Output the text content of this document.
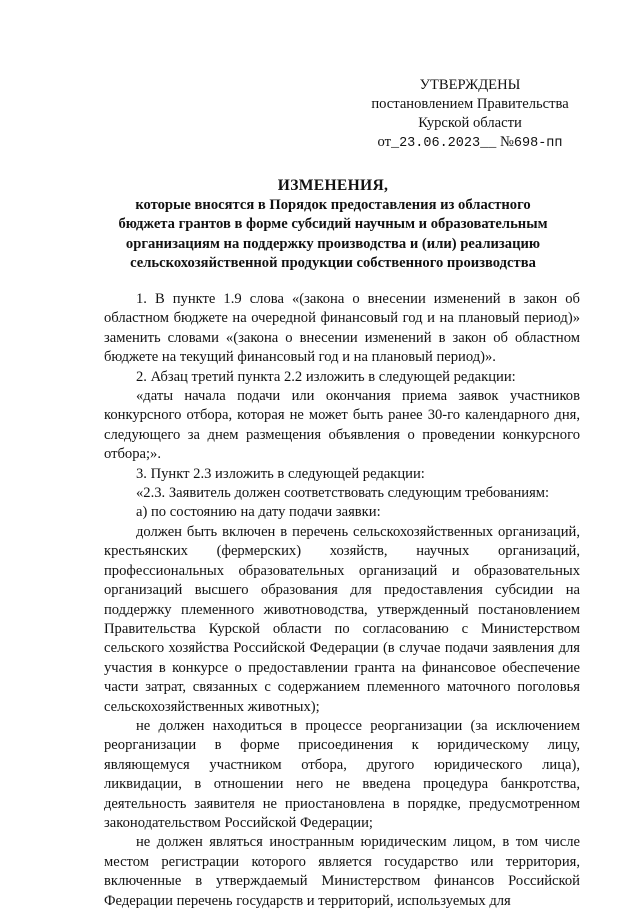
УТВЕРЖДЕНЫ
постановлением Правительства
Курской области
от_23.06.2023__ №698-пп
ИЗМЕНЕНИЯ,
которые вносятся в Порядок предоставления из областного
бюджета грантов в форме субсидий научным и образовательным
организациям на поддержку производства и (или) реализацию
сельскохозяйственной продукции собственного производства

1. В пункте 1.9 слова «(закона о внесении изменений в закон об областном бюджете на очередной финансовый год и на плановый период)» заменить словами «(закона о внесении изменений в закон об областном бюджете на текущий финансовый год и на плановый период)».

2. Абзац третий пункта 2.2 изложить в следующей редакции:

«даты начала подачи или окончания приема заявок участников конкурсного отбора, которая не может быть ранее 30-го календарного дня, следующего за днем размещения объявления о проведении конкурсного отбора;».

3. Пункт 2.3 изложить в следующей редакции:

«2.3. Заявитель должен соответствовать следующим требованиям:

а) по состоянию на дату подачи заявки:

должен быть включен в перечень сельскохозяйственных организаций, крестьянских (фермерских) хозяйств, научных организаций, профессиональных образовательных организаций и образовательных организаций высшего образования для предоставления субсидии на поддержку племенного животноводства, утвержденный постановлением Правительства Курской области по согласованию с Министерством сельского хозяйства Российской Федерации (в случае подачи заявления для участия в конкурсе о предоставлении гранта на финансовое обеспечение части затрат, связанных с содержанием племенного маточного поголовья сельскохозяйственных животных);

не должен находиться в процессе реорганизации (за исключением реорганизации в форме присоединения к юридическому лицу, являющемуся участником отбора, другого юридического лица), ликвидации, в отношении него не введена процедура банкротства, деятельность заявителя не приостановлена в порядке, предусмотренном законодательством Российской Федерации;

не должен являться иностранным юридическим лицом, в том числе местом регистрации которого является государство или территория, включенные в утверждаемый Министерством финансов Российской Федерации перечень государств и территорий, используемых для
